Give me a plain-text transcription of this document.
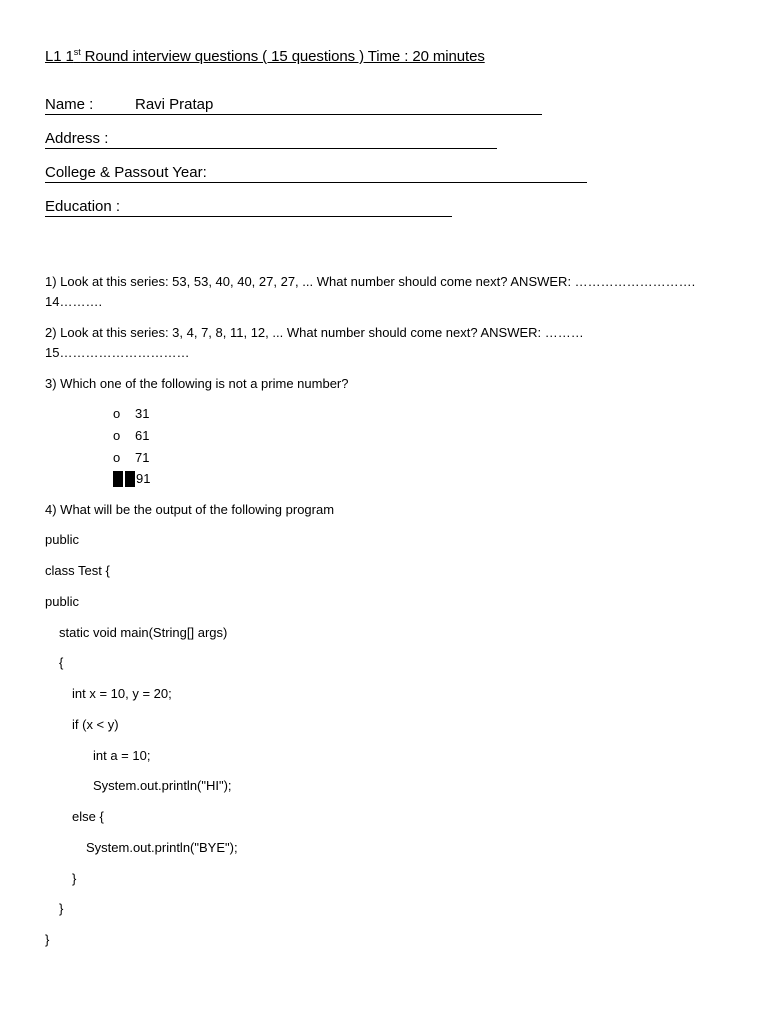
L1 1st Round interview questions ( 15 questions ) Time : 20 minutes
Name :	Ravi Pratap
Address :
College & Passout Year:
Education :
1) Look at this series: 53, 53, 40, 40, 27, 27, ... What number should come next? ANSWER: ……………………….
14……….
2) Look at this series: 3, 4, 7, 8, 11, 12, ... What number should come next? ANSWER: ………
15…………………………
3) Which one of the following is not a prime number?
o 31
o 61
o 71
91
4) What will be the output of the following program
public
class Test {
public
static void main(String[] args)
{
int x = 10, y = 20;
if (x < y)
int a = 10;
System.out.println("HI");
else {
System.out.println("BYE");
}
}
}
